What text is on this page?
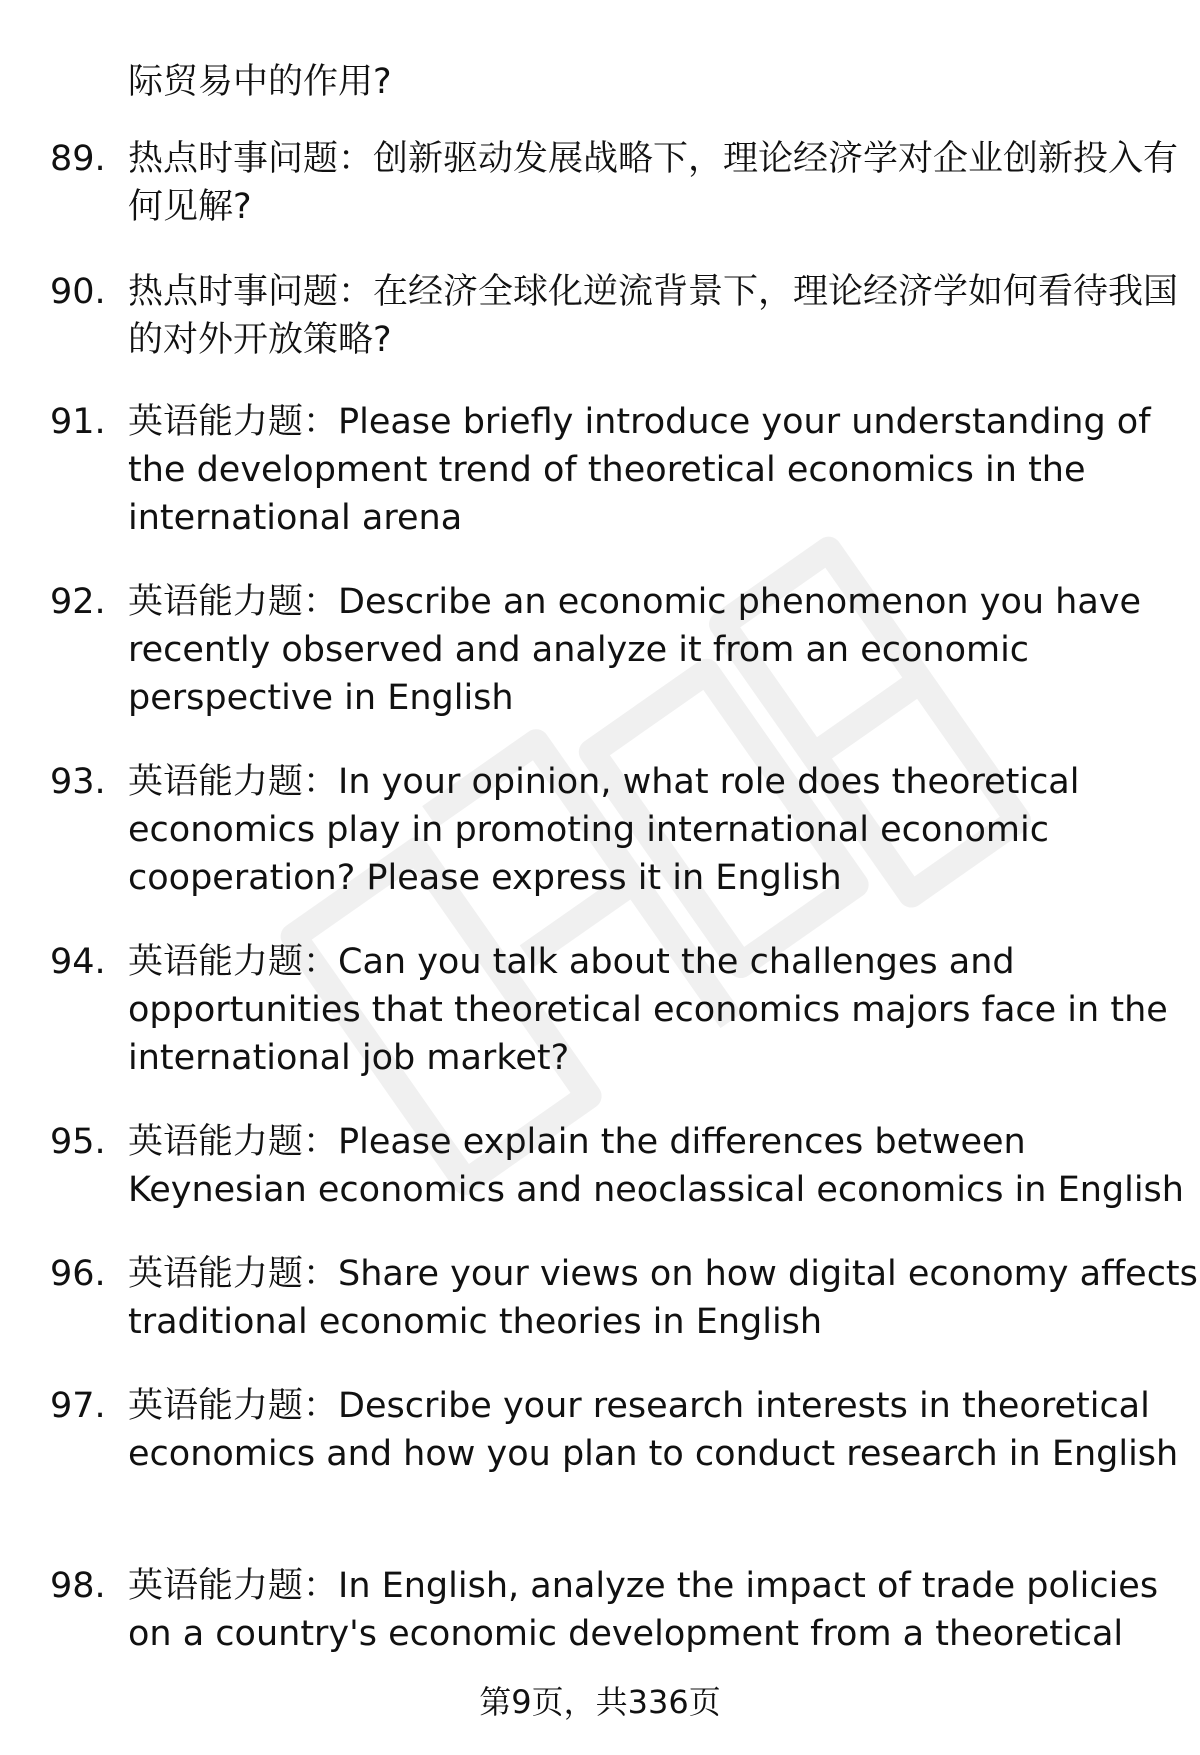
际贸易中的作用?
89. 热点时事问题：创新驱动发展战略下，理论经济学对企业创新投入有何见解?
90. 热点时事问题：在经济全球化逆流背景下，理论经济学如何看待我国的对外开放策略?
91. 英语能力题：Please briefly introduce your understanding of the development trend of theoretical economics in the international arena
92. 英语能力题：Describe an economic phenomenon you have recently observed and analyze it from an economic perspective in English
93. 英语能力题：In your opinion, what role does theoretical economics play in promoting international economic cooperation? Please express it in English
94. 英语能力题：Can you talk about the challenges and opportunities that theoretical economics majors face in the international job market?
95. 英语能力题：Please explain the differences between Keynesian economics and neoclassical economics in English
96. 英语能力题：Share your views on how digital economy affects traditional economic theories in English
97. 英语能力题：Describe your research interests in theoretical economics and how you plan to conduct research in English
98. 英语能力题：In English, analyze the impact of trade policies on a country's economic development from a theoretical
第9页，共336页
